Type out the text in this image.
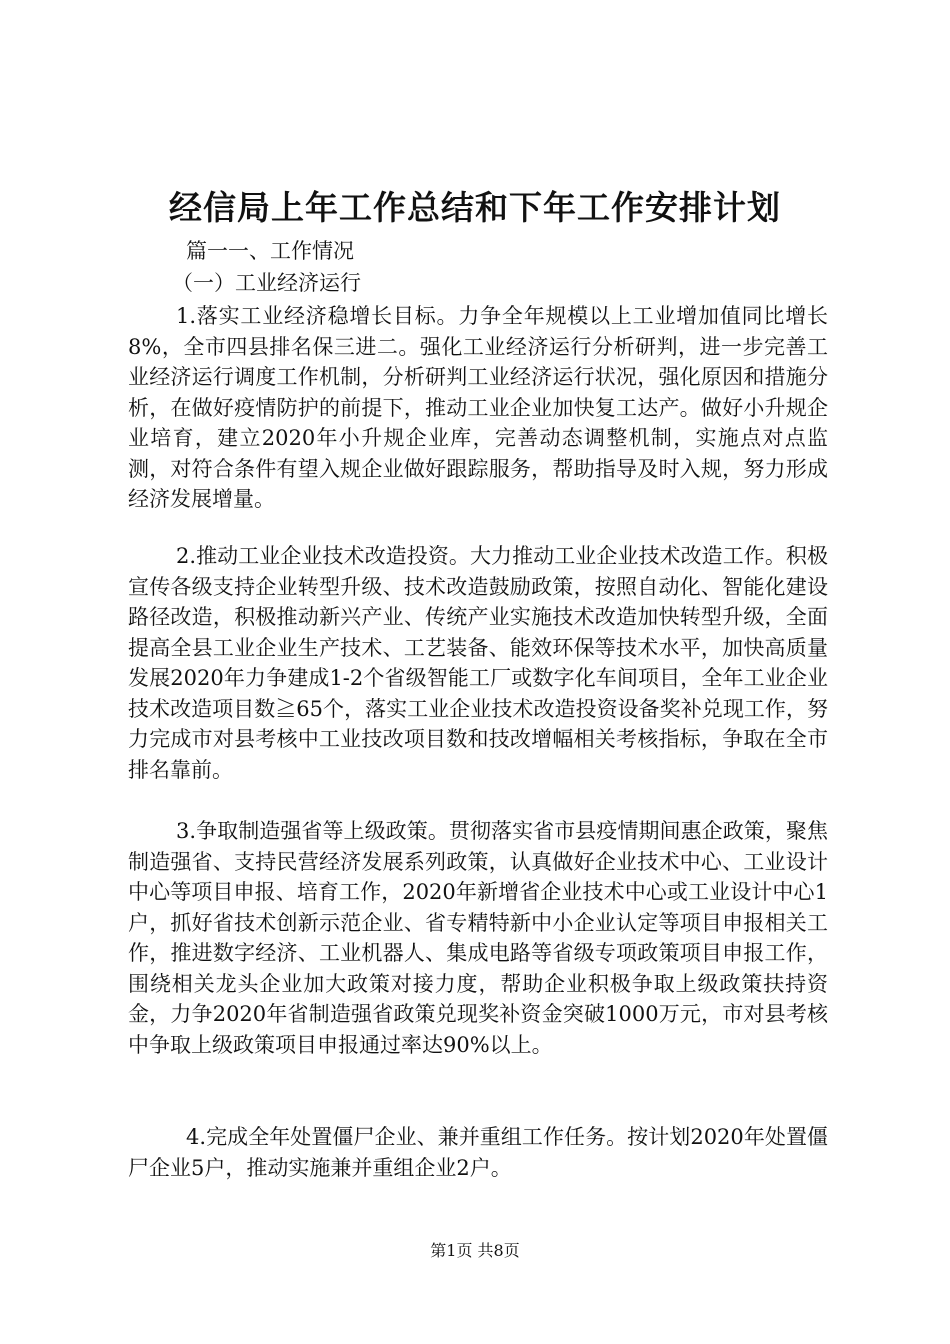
经信局上年工作总结和下年工作安排计划
篇一一、工作情况
（一）工业经济运行

1.落实工业经济稳增长目标。力争全年规模以上工业增加值同比增长8%，全市四县排名保三进二。强化工业经济运行分析研判，进一步完善工业经济运行调度工作机制，分析研判工业经济运行状况，强化原因和措施分析，在做好疫情防护的前提下，推动工业企业加快复工达产。做好小升规企业培育，建立2020年小升规企业库，完善动态调整机制，实施点对点监测，对符合条件有望入规企业做好跟踪服务，帮助指导及时入规，努力形成经济发展增量。

2.推动工业企业技术改造投资。大力推动工业企业技术改造工作。积极宣传各级支持企业转型升级、技术改造鼓励政策，按照自动化、智能化建设路径改造，积极推动新兴产业、传统产业实施技术改造加快转型升级，全面提高全县工业企业生产技术、工艺装备、能效环保等技术水平，加快高质量发展2020年力争建成1-2个省级智能工厂或数字化车间项目，全年工业企业技术改造项目数≧65个，落实工业企业技术改造投资设备奖补兑现工作，努力完成市对县考核中工业技改项目数和技改增幅相关考核指标，争取在全市排名靠前。

3.争取制造强省等上级政策。贯彻落实省市县疫情期间惠企政策，聚焦制造强省、支持民营经济发展系列政策，认真做好企业技术中心、工业设计中心等项目申报、培育工作，2020年新增省企业技术中心或工业设计中心1户，抓好省技术创新示范企业、省专精特新中小企业认定等项目申报相关工作，推进数字经济、工业机器人、集成电路等省级专项政策项目申报工作，围绕相关龙头企业加大政策对接力度，帮助企业积极争取上级政策扶持资金，力争2020年省制造强省政策兑现奖补资金突破1000万元，市对县考核中争取上级政策项目申报通过率达90%以上。

4.完成全年处置僵尸企业、兼并重组工作任务。按计划2020年处置僵尸企业5户，推动实施兼并重组企业2户。

第1页 共8页
